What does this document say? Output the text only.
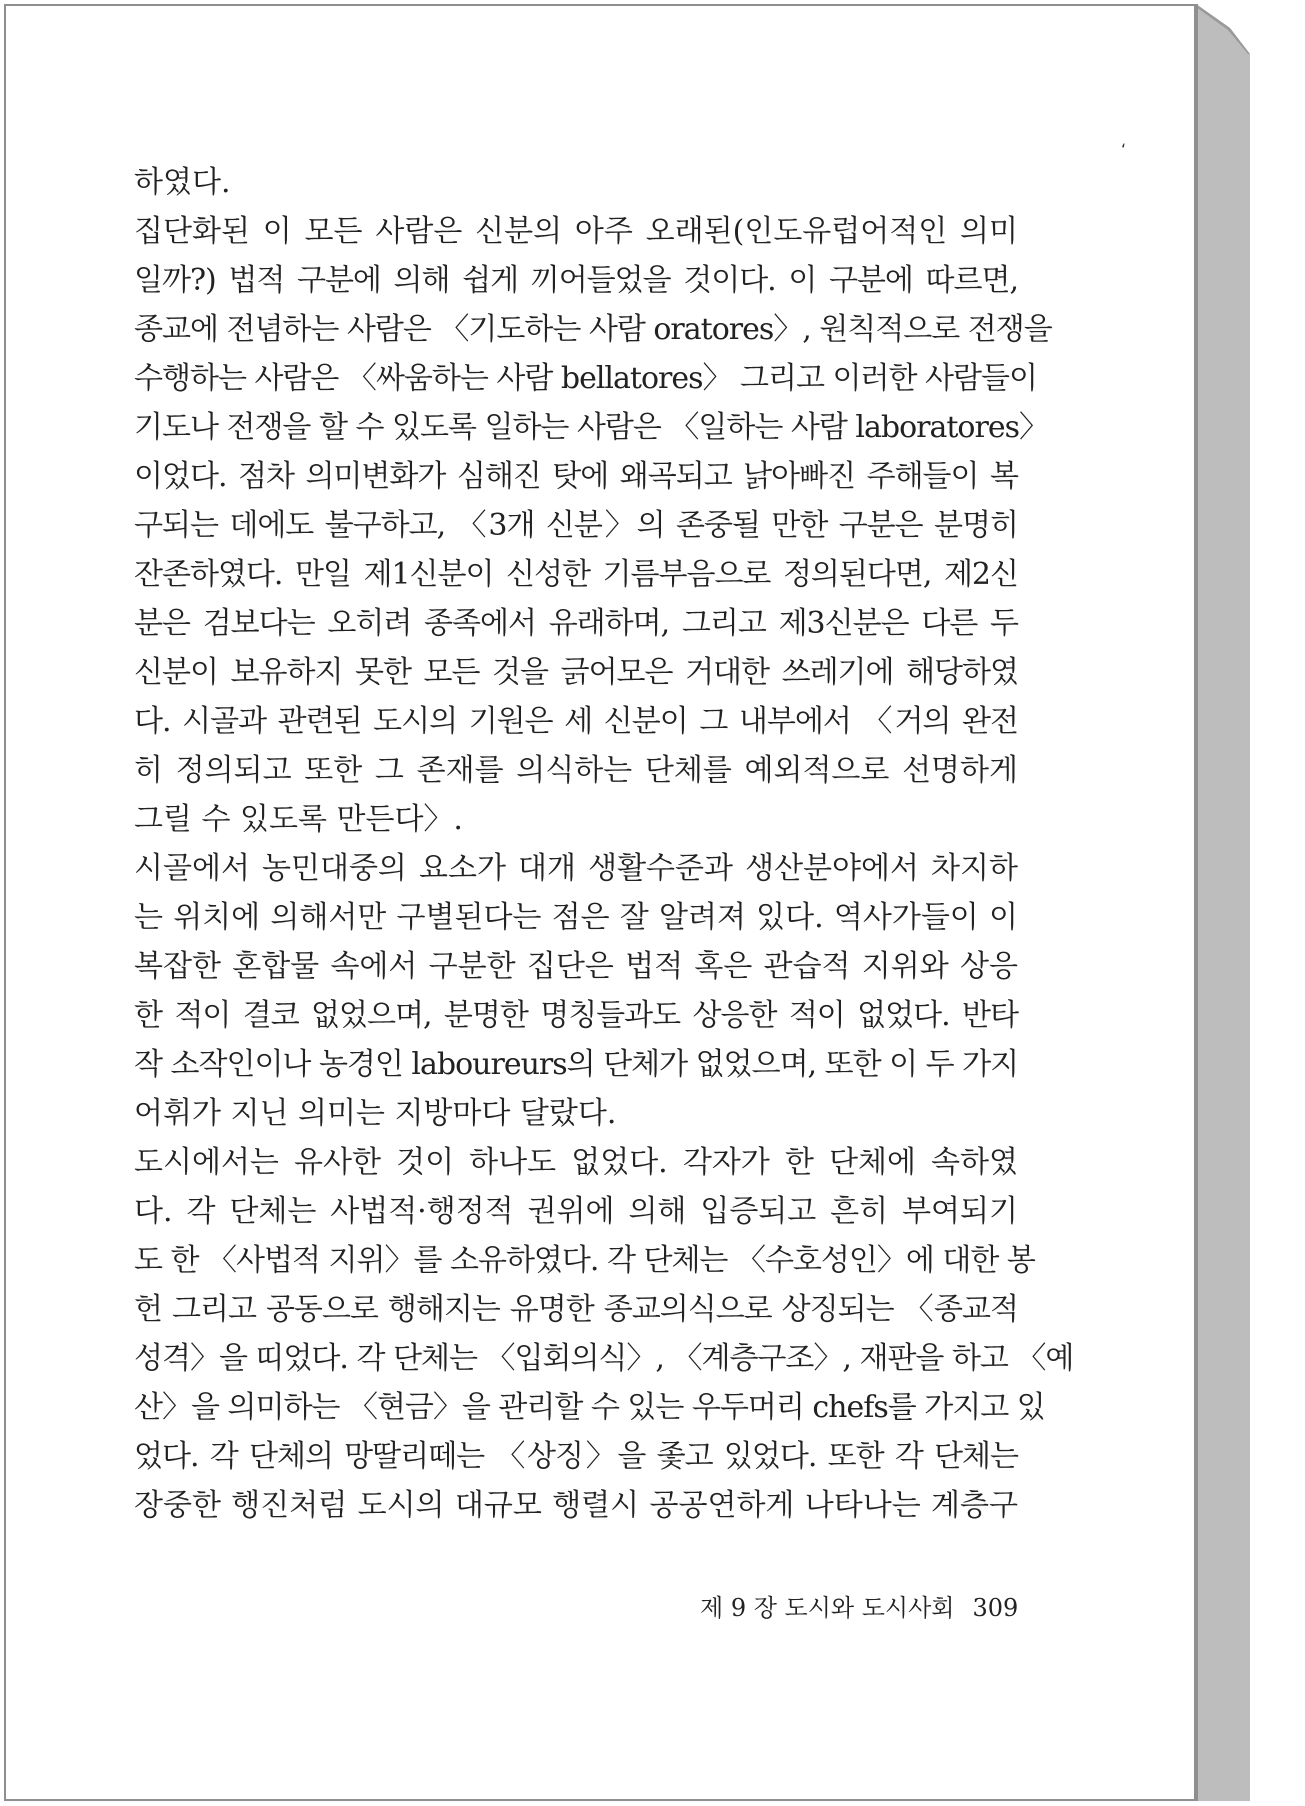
‘
하였다.
집단화된 이 모든 사람은 신분의 아주 오래된(인도유럽어적인 의미
일까?) 법적 구분에 의해 쉽게 끼어들었을 것이다. 이 구분에 따르면,
종교에 전념하는 사람은 〈기도하는 사람 oratores〉, 원칙적으로 전쟁을
수행하는 사람은 〈싸움하는 사람 bellatores〉 그리고 이러한 사람들이
기도나 전쟁을 할 수 있도록 일하는 사람은 〈일하는 사람 laboratores〉
이었다. 점차 의미변화가 심해진 탓에 왜곡되고 낡아빠진 주해들이 복
구되는 데에도 불구하고, 〈3개 신분〉의 존중될 만한 구분은 분명히
잔존하였다. 만일 제1신분이 신성한 기름부음으로 정의된다면, 제2신
분은 검보다는 오히려 종족에서 유래하며, 그리고 제3신분은 다른 두
신분이 보유하지 못한 모든 것을 긁어모은 거대한 쓰레기에 해당하였
다. 시골과 관련된 도시의 기원은 세 신분이 그 내부에서 〈거의 완전
히 정의되고 또한 그 존재를 의식하는 단체를 예외적으로 선명하게
그릴 수 있도록 만든다〉.
시골에서 농민대중의 요소가 대개 생활수준과 생산분야에서 차지하
는 위치에 의해서만 구별된다는 점은 잘 알려져 있다. 역사가들이 이
복잡한 혼합물 속에서 구분한 집단은 법적 혹은 관습적 지위와 상응
한 적이 결코 없었으며, 분명한 명칭들과도 상응한 적이 없었다. 반타
작 소작인이나 농경인 laboureurs의 단체가 없었으며, 또한 이 두 가지
어휘가 지닌 의미는 지방마다 달랐다.
도시에서는 유사한 것이 하나도 없었다. 각자가 한 단체에 속하였
다. 각 단체는 사법적·행정적 권위에 의해 입증되고 흔히 부여되기
도 한 〈사법적 지위〉를 소유하였다. 각 단체는 〈수호성인〉에 대한 봉
헌 그리고 공동으로 행해지는 유명한 종교의식으로 상징되는 〈종교적
성격〉을 띠었다. 각 단체는 〈입회의식〉, 〈계층구조〉, 재판을 하고 〈예
산〉을 의미하는 〈현금〉을 관리할 수 있는 우두머리 chefs를 가지고 있
었다. 각 단체의 망딸리떼는 〈상징〉을 좇고 있었다. 또한 각 단체는
장중한 행진처럼 도시의 대규모 행렬시 공공연하게 나타나는 계층구
제 9 장 도시와 도시사회 309
